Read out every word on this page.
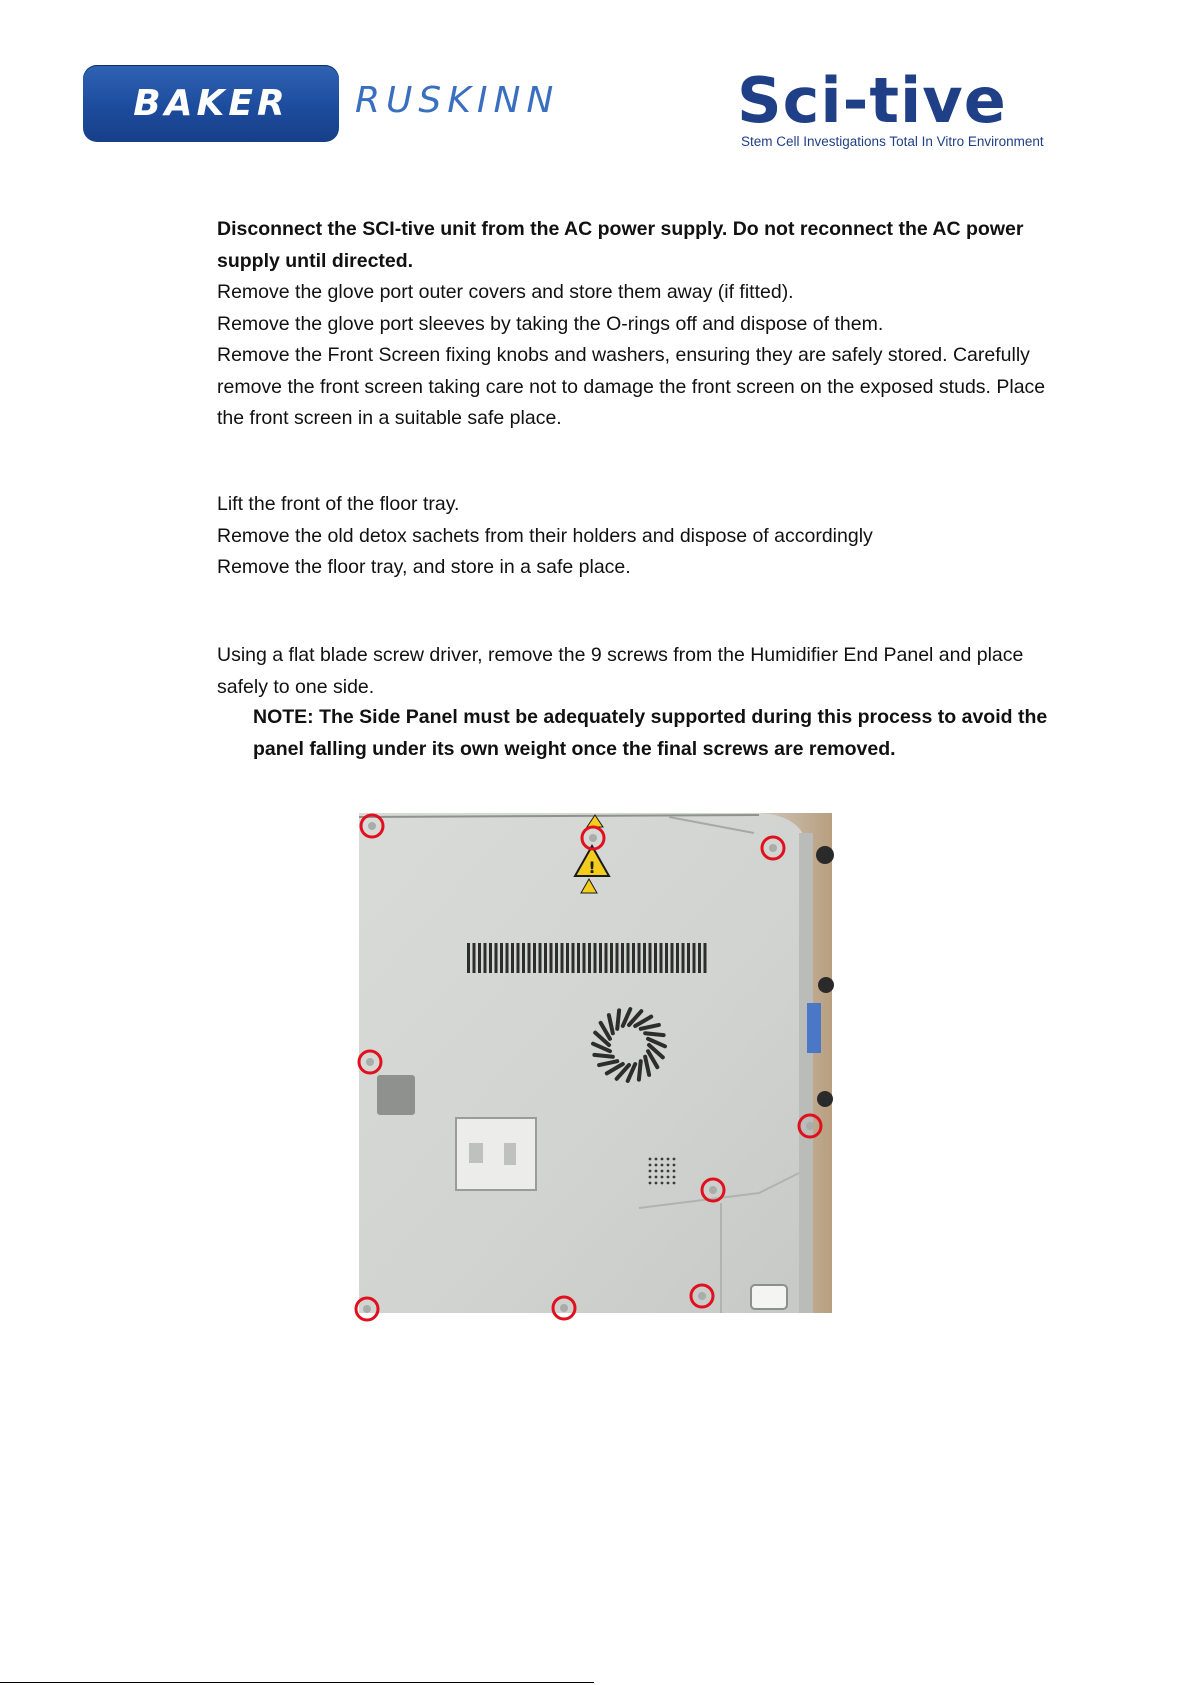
BAKER RUSKINN	Sci-tive
Stem Cell Investigations Total In Vitro Environment

Disconnect the SCI-tive unit from the AC power supply. Do not reconnect the AC power supply until directed.

Remove the glove port outer covers and store them away (if fitted).

Remove the glove port sleeves by taking the O-rings off and dispose of them.

Remove the Front Screen fixing knobs and washers, ensuring they are safely stored. Carefully remove the front screen taking care not to damage the front screen on the exposed studs. Place the front screen in a suitable safe place.

Lift the front of the floor tray.

Remove the old detox sachets from their holders and dispose of accordingly

Remove the floor tray, and store in a safe place.

Using a flat blade screw driver, remove the 9 screws from the Humidifier End Panel and place safely to one side.

NOTE: The Side Panel must be adequately supported during this process to avoid the panel falling under its own weight once the final screws are removed.
!
